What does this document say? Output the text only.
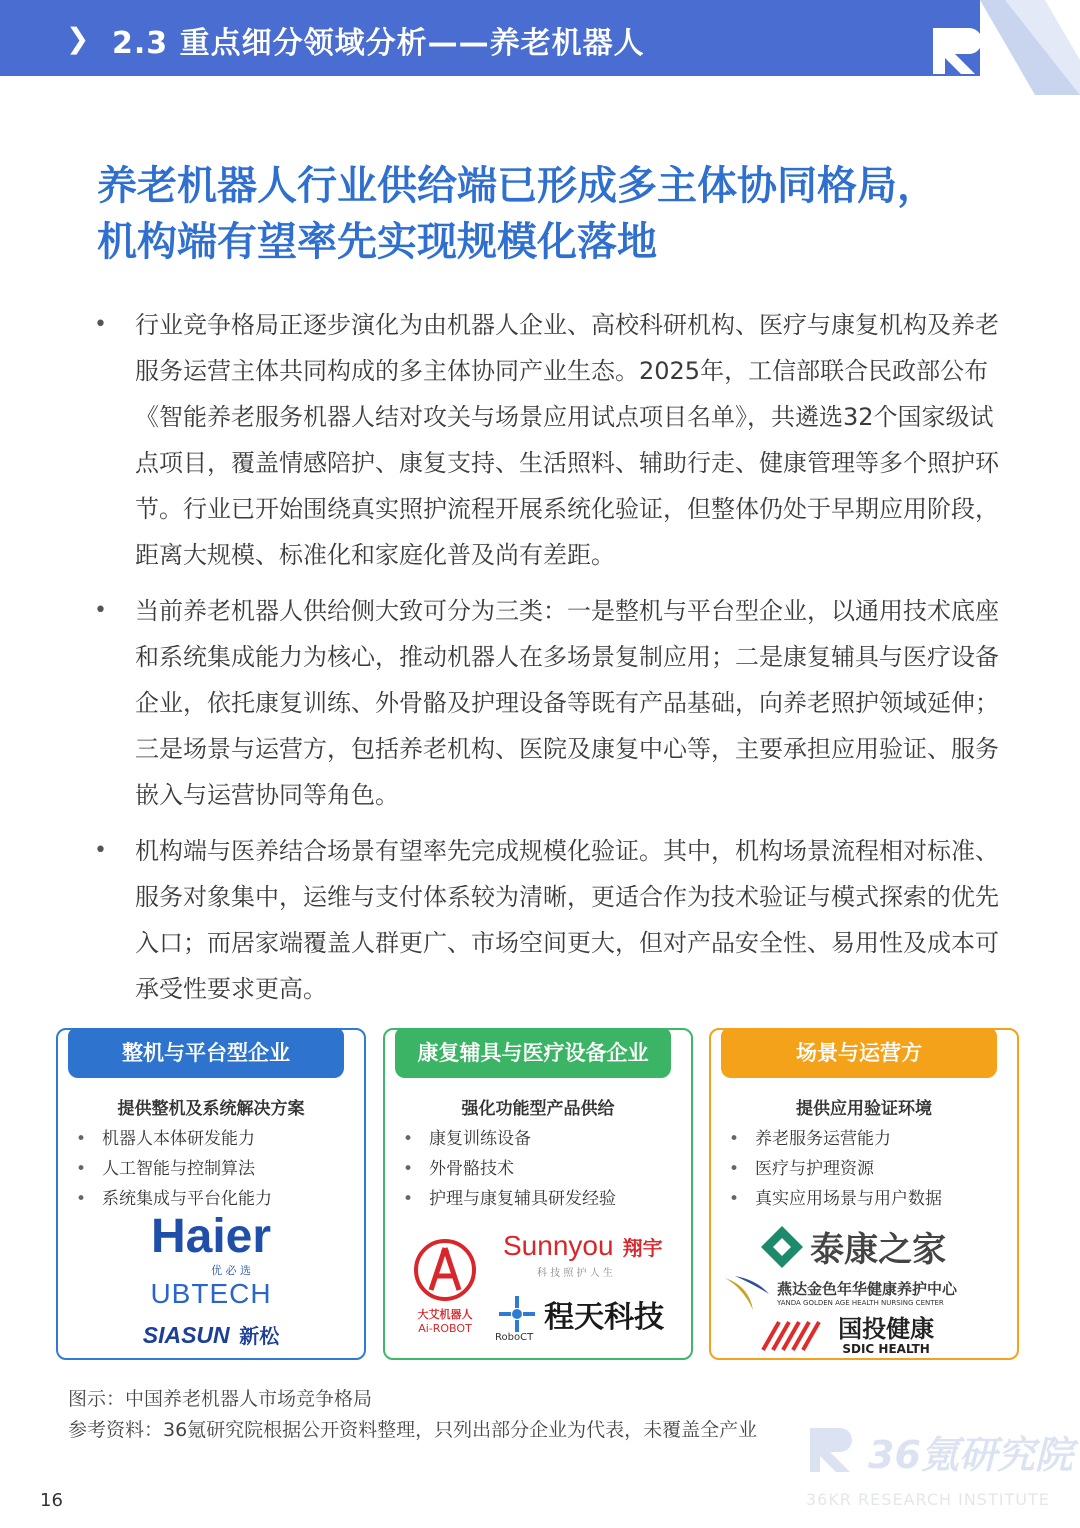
❯ 2.3 重点细分领域分析——养老机器人
养老机器人行业供给端已形成多主体协同格局，
机构端有望率先实现规模化落地
• 行业竞争格局正逐步演化为由机器人企业、高校科研机构、医疗与康复机构及养老服务运营主体共同构成的多主体协同产业生态。2025年，工信部联合民政部公布《智能养老服务机器人结对攻关与场景应用试点项目名单》，共遴选32个国家级试点项目，覆盖情感陪护、康复支持、生活照料、辅助行走、健康管理等多个照护环节。行业已开始围绕真实照护流程开展系统化验证，但整体仍处于早期应用阶段，距离大规模、标准化和家庭化普及尚有差距。
• 当前养老机器人供给侧大致可分为三类：一是整机与平台型企业，以通用技术底座和系统集成能力为核心，推动机器人在多场景复制应用；二是康复辅具与医疗设备企业，依托康复训练、外骨骼及护理设备等既有产品基础，向养老照护领域延伸；三是场景与运营方，包括养老机构、医院及康复中心等，主要承担应用验证、服务嵌入与运营协同等角色。
• 机构端与医养结合场景有望率先完成规模化验证。其中，机构场景流程相对标准、服务对象集中，运维与支付体系较为清晰，更适合作为技术验证与模式探索的优先入口；而居家端覆盖人群更广、市场空间更大，但对产品安全性、易用性及成本可承受性要求更高。
整机与平台型企业
提供整机及系统解决方案
• 机器人本体研发能力
• 人工智能与控制算法
• 系统集成与平台化能力
Haier
优 必 选
UBTECH
SIASUN 新松
康复辅具与医疗设备企业
强化功能型产品供给
• 康复训练设备
• 外骨骼技术
• 护理与康复辅具研发经验
大艾机器人
Ai-ROBOT
Sunnyou 翔宇
科 技 照 护 人 生
程天科技
RoboCT
场景与运营方
提供应用验证环境
• 养老服务运营能力
• 医疗与护理资源
• 真实应用场景与用户数据
泰康之家
燕达金色年华健康养护中心
YANDA GOLDEN AGE HEALTH NURSING CENTER

国投健康
SDIC HEALTH
图示：中国养老机器人市场竞争格局
参考资料：36氪研究院根据公开资料整理，只列出部分企业为代表，未覆盖全产业
36氪研究院
36KR RESEARCH INSTITUTE
16
